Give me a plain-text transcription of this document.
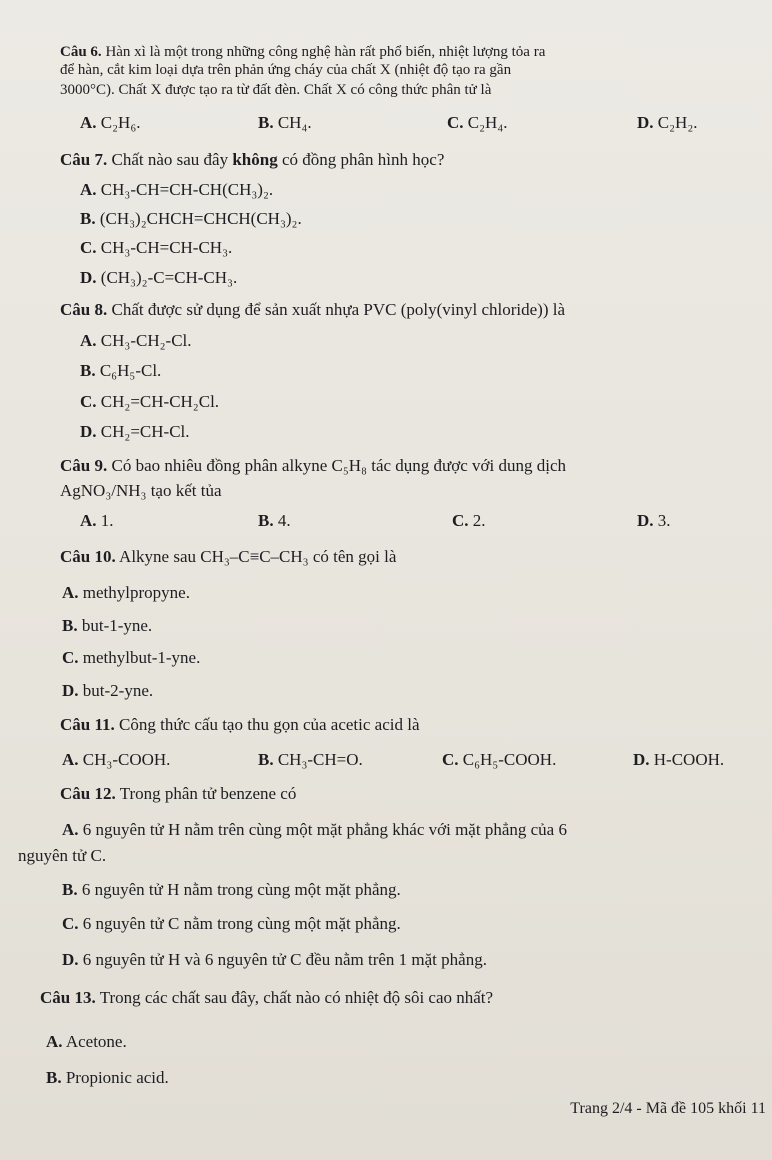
Câu 6. Hàn xì là một trong những công nghệ hàn rất phổ biến, nhiệt lượng tỏa ra
để hàn, cắt kim loại dựa trên phản ứng cháy của chất X (nhiệt độ tạo ra gần
3000°C). Chất X được tạo ra từ đất đèn. Chất X có công thức phân tử là
A. C₂H₆.	B. CH₄.	C. C₂H₄.	D. C₂H₂.
Câu 7. Chất nào sau đây không có đồng phân hình học?
A. CH₃-CH=CH-CH(CH₃)₂.
B. (CH₃)₂CHCH=CHCH(CH₃)₂.
C. CH₃-CH=CH-CH₃.
D. (CH₃)₂-C=CH-CH₃.
Câu 8. Chất được sử dụng để sản xuất nhựa PVC (poly(vinyl chloride)) là
A. CH₃-CH₂-Cl.
B. C₆H₅-Cl.
C. CH₂=CH-CH₂Cl.
D. CH₂=CH-Cl.
Câu 9. Có bao nhiêu đồng phân alkyne C₅H₈ tác dụng được với dung dịch
AgNO₃/NH₃ tạo kết tủa
A. 1.	B. 4.	C. 2.	D. 3.
Câu 10. Alkyne sau CH₃–C≡C–CH₃ có tên gọi là
A. methylpropyne.
B. but-1-yne.
C. methylbut-1-yne.
D. but-2-yne.
Câu 11. Công thức cấu tạo thu gọn của acetic acid là
A. CH₃-COOH.	B. CH₃-CH=O.	C. C₆H₅-COOH.	D. H-COOH.
Câu 12. Trong phân tử benzene có
A. 6 nguyên tử H nằm trên cùng một mặt phẳng khác với mặt phẳng của 6
nguyên tử C.
B. 6 nguyên tử H nằm trong cùng một mặt phẳng.
C. 6 nguyên tử C nằm trong cùng một mặt phẳng.
D. 6 nguyên tử H và 6 nguyên tử C đều nằm trên 1 mặt phẳng.
Câu 13. Trong các chất sau đây, chất nào có nhiệt độ sôi cao nhất?
A. Acetone.
B. Propionic acid.
Trang 2/4 - Mã đề 105 khối 11
